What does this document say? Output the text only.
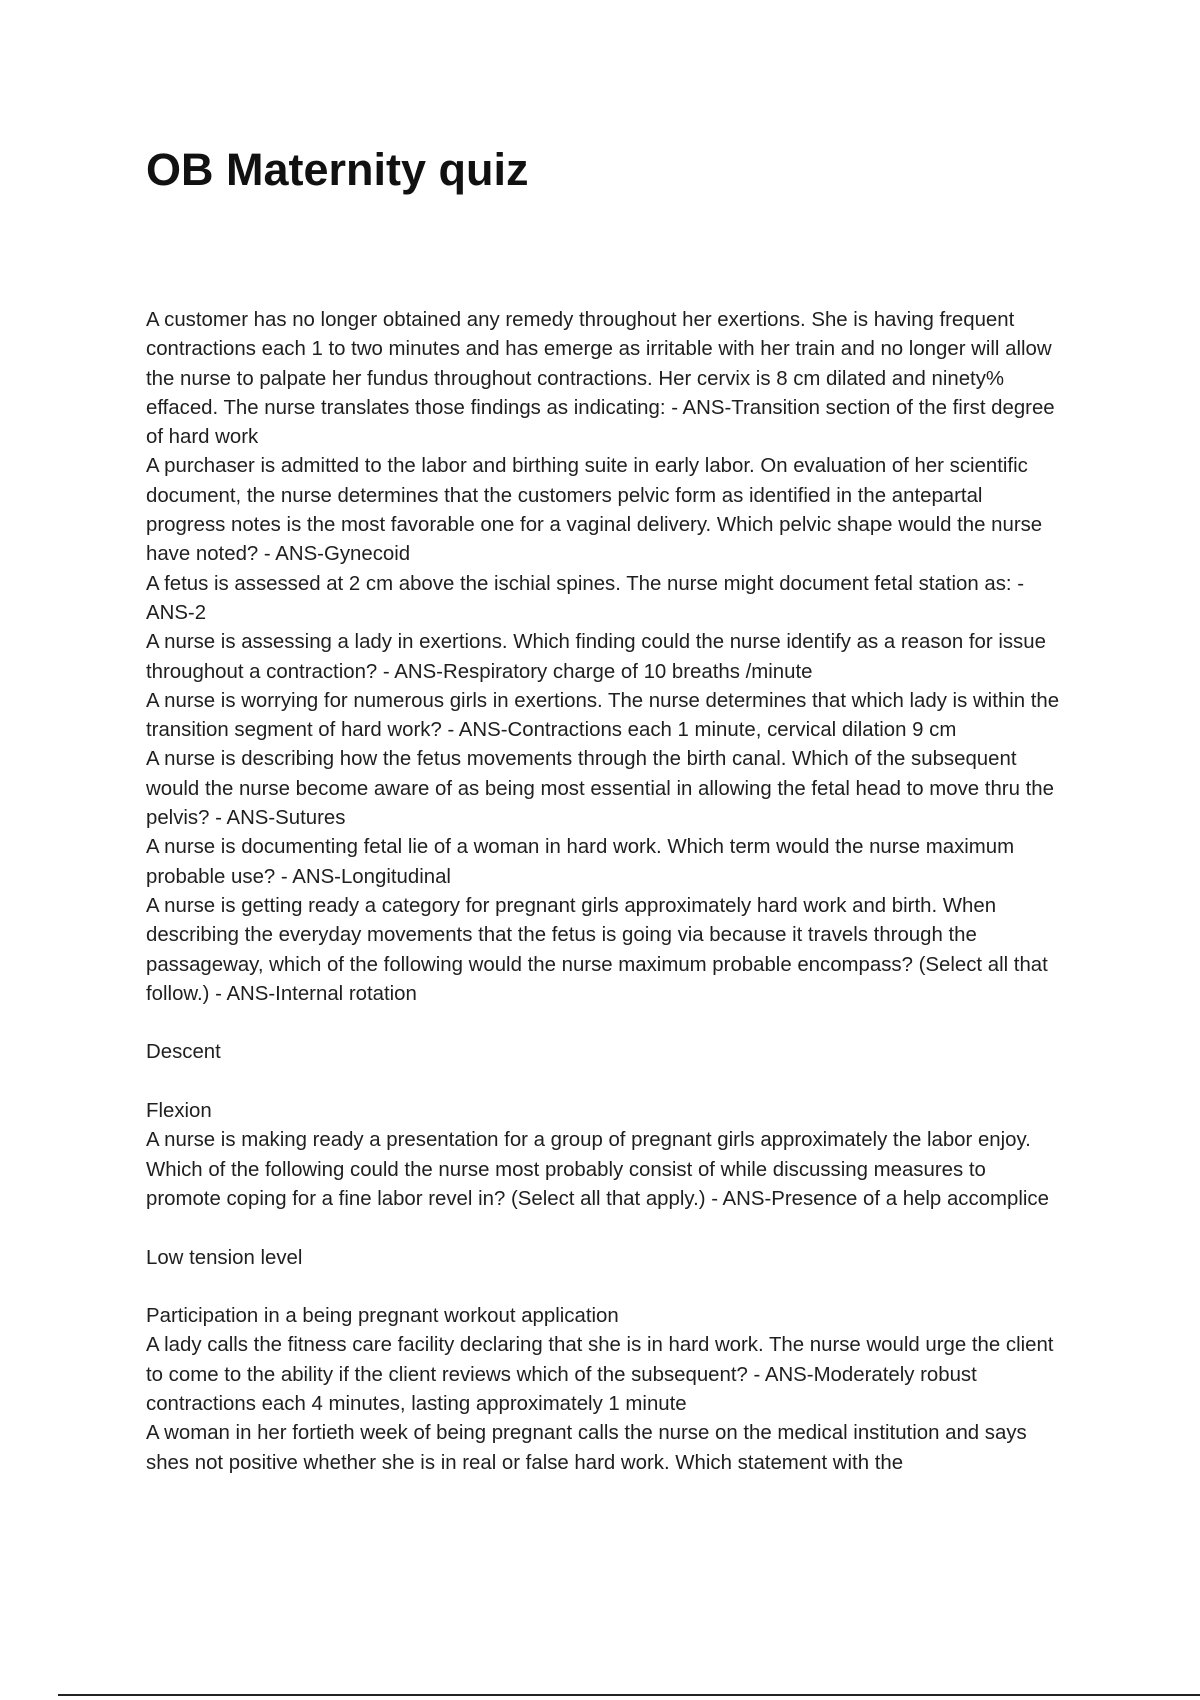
OB Maternity quiz

A customer has no longer obtained any remedy throughout her exertions. She is having frequent contractions each 1 to two minutes and has emerge as irritable with her train and no longer will allow the nurse to palpate her fundus throughout contractions. Her cervix is 8 cm dilated and ninety% effaced. The nurse translates those findings as indicating: - ANS-Transition section of the first degree of hard work

A purchaser is admitted to the labor and birthing suite in early labor. On evaluation of her scientific document, the nurse determines that the customers pelvic form as identified in the antepartal progress notes is the most favorable one for a vaginal delivery. Which pelvic shape would the nurse have noted? - ANS-Gynecoid

A fetus is assessed at 2 cm above the ischial spines. The nurse might document fetal station as: - ANS-2

A nurse is assessing a lady in exertions. Which finding could the nurse identify as a reason for issue throughout a contraction? - ANS-Respiratory charge of 10 breaths /minute

A nurse is worrying for numerous girls in exertions. The nurse determines that which lady is within the transition segment of hard work? - ANS-Contractions each 1 minute, cervical dilation 9 cm

A nurse is describing how the fetus movements through the birth canal. Which of the subsequent would the nurse become aware of as being most essential in allowing the fetal head to move thru the pelvis? - ANS-Sutures

A nurse is documenting fetal lie of a woman in hard work. Which term would the nurse maximum probable use? - ANS-Longitudinal

A nurse is getting ready a category for pregnant girls approximately hard work and birth. When describing the everyday movements that the fetus is going via because it travels through the passageway, which of the following would the nurse maximum probable encompass? (Select all that follow.) - ANS-Internal rotation

Descent

Flexion

A nurse is making ready a presentation for a group of pregnant girls approximately the labor enjoy. Which of the following could the nurse most probably consist of while discussing measures to promote coping for a fine labor revel in? (Select all that apply.) - ANS-Presence of a help accomplice

Low tension level

Participation in a being pregnant workout application

A lady calls the fitness care facility declaring that she is in hard work. The nurse would urge the client to come to the ability if the client reviews which of the subsequent? - ANS-Moderately robust contractions each 4 minutes, lasting approximately 1 minute

A woman in her fortieth week of being pregnant calls the nurse on the medical institution and says shes not positive whether she is in real or false hard work. Which statement with the
